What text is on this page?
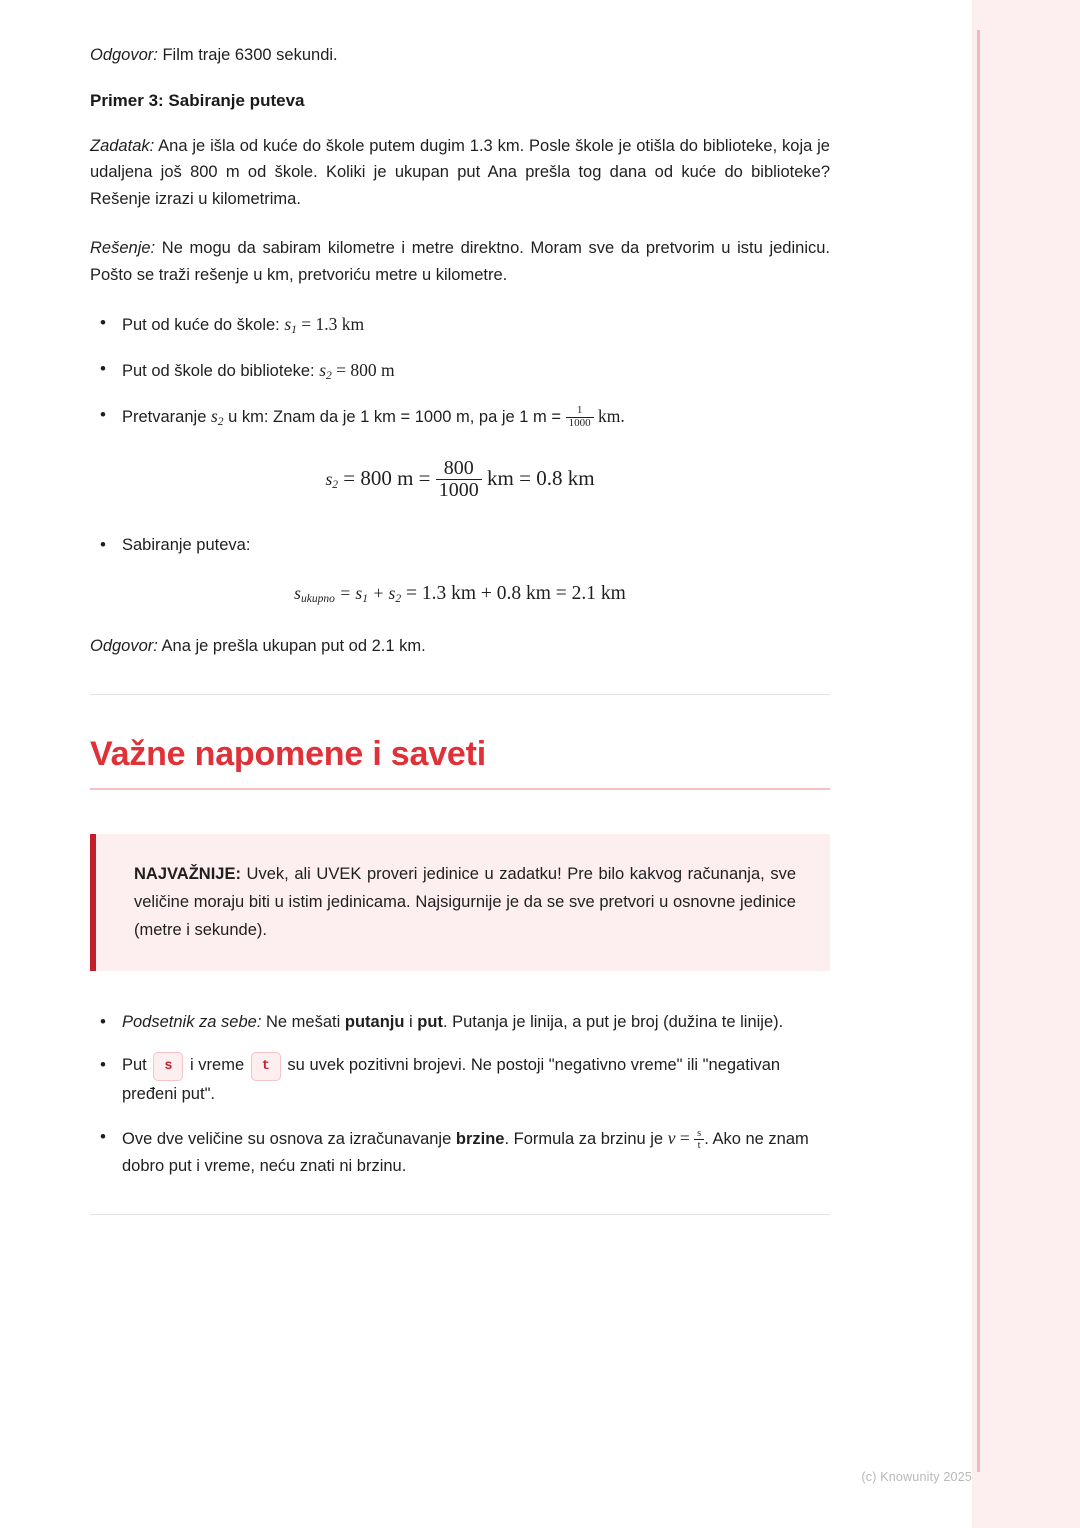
Odgovor: Film traje 6300 sekundi.

Primer 3: Sabiranje puteva

Zadatak: Ana je išla od kuće do škole putem dugim 1.3 km. Posle škole je otišla do biblioteke, koja je udaljena još 800 m od škole. Koliki je ukupan put Ana prešla tog dana od kuće do biblioteke? Rešenje izrazi u kilometrima.

Rešenje: Ne mogu da sabiram kilometre i metre direktno. Moram sve da pretvorim u istu jedinicu. Pošto se traži rešenje u km, pretvoriću metre u kilometre.

• Put od kuće do škole: s1 = 1.3 km
• Put od škole do biblioteke: s2 = 800 m
• Pretvaranje s2 u km: Znam da je 1 km = 1000 m, pa je 1 $m = \frac{1}{1000}$ km.
s2 = 800 $m = \frac{800}{1000}$ km = 0.8 km
• Sabiranje puteva:
sukupno = s1 + s2 = 1.3 km + 0.8 km = 2.1 km

Odgovor: Ana je prešla ukupan put od 2.1 km.

Važne napomene i saveti

NAJVAŽNIJE: Uvek, ali UVEK proveri jedinice u zadatku! Pre bilo kakvog računanja, sve veličine moraju biti u istim jedinicama. Najsigurnije je da se sve pretvori u osnovne jedinice (metre i sekunde).

• Podsetnik za sebe: Ne mešati putanju i put. Putanja je linija, a put je broj (dužina te linije).
• Put s i vreme t su uvek pozitivni brojevi. Ne postoji "negativno vreme" ili "negativan pređeni put".
• Ove dve veličine su osnova za izračunavanje brzine. Formula za brzinu je $v = \frac{s}{t}$ . Ako ne znam dobro put i vreme, neću znati ni brzinu.
(c) Knowunity 2025
